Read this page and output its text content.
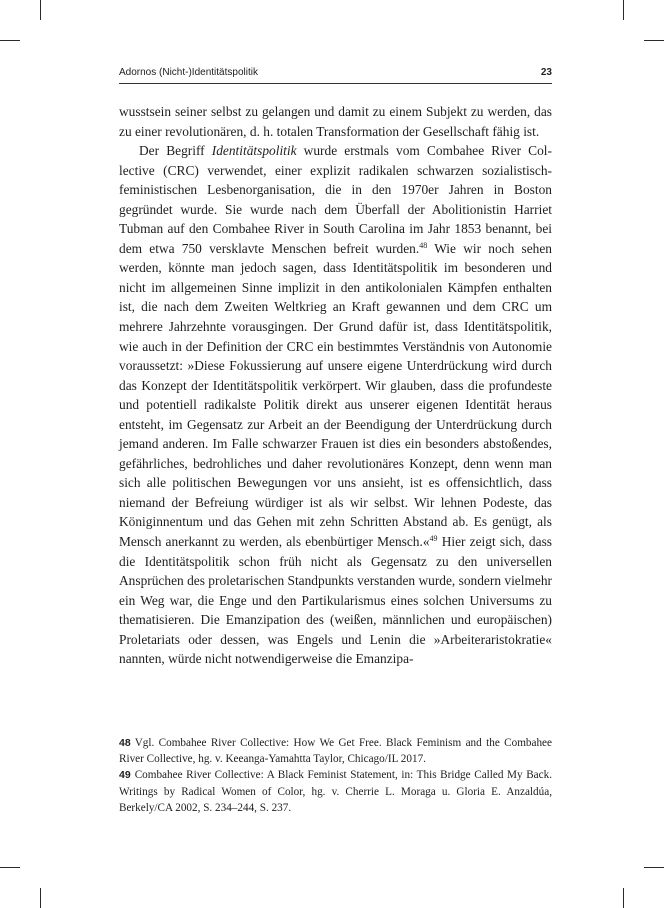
Adornos (Nicht-)Identitätspolitik	23

wusstsein seiner selbst zu gelangen und damit zu einem Subjekt zu werden, das zu einer revolutionären, d. h. totalen Transformation der Gesellschaft fähig ist.

Der Begriff Identitätspolitik wurde erstmals vom Combahee River Collective (CRC) verwendet, einer explizit radikalen schwarzen sozialistisch-feministischen Lesbenorganisation, die in den 1970er Jahren in Boston gegründet wurde. Sie wurde nach dem Überfall der Abolitionistin Harriet Tubman auf den Combahee River in South Carolina im Jahr 1853 benannt, bei dem etwa 750 versklavte Menschen befreit wurden.$^{48}$ Wie wir noch sehen werden, könnte man jedoch sagen, dass Identitätspolitik im besonderen und nicht im allgemeinen Sinne implizit in den antikolonialen Kämpfen enthalten ist, die nach dem Zweiten Weltkrieg an Kraft gewannen und dem CRC um mehrere Jahrzehnte vorausgingen. Der Grund dafür ist, dass Identitätspolitik, wie auch in der Definition der CRC ein bestimmtes Verständnis von Autonomie voraussetzt: »Diese Fokussierung auf unsere eigene Unterdrückung wird durch das Konzept der Identitätspolitik verkörpert. Wir glauben, dass die profundeste und potentiell radikalste Politik direkt aus unserer eigenen Identität heraus entsteht, im Gegensatz zur Arbeit an der Beendigung der Unterdrückung durch jemand anderen. Im Falle schwarzer Frauen ist dies ein besonders abstoßendes, gefährliches, bedrohliches und daher revolutionäres Konzept, denn wenn man sich alle politischen Bewegungen vor uns ansieht, ist es offensichtlich, dass niemand der Befreiung würdiger ist als wir selbst. Wir lehnen Podeste, das Königinnentum und das Gehen mit zehn Schritten Abstand ab. Es genügt, als Mensch anerkannt zu werden, als ebenbürtiger Mensch.«$^{49}$ Hier zeigt sich, dass die Identitätspolitik schon früh nicht als Gegensatz zu den universellen Ansprüchen des proletarischen Standpunkts verstanden wurde, sondern vielmehr ein Weg war, die Enge und den Partikularismus eines solchen Universums zu thematisieren. Die Emanzipation des (weißen, männlichen und europäischen) Proletariats oder dessen, was Engels und Lenin die »Arbeiteraristokratie« nannten, würde nicht notwendigerweise die Emanzipa-

48 Vgl. Combahee River Collective: How We Get Free. Black Feminism and the Combahee River Collective, hg. v. Keeanga-Yamahtta Taylor, Chicago/IL 2017.

49 Combahee River Collective: A Black Feminist Statement, in: This Bridge Called My Back. Writings by Radical Women of Color, hg. v. Cherrie L. Moraga u. Gloria E. Anzaldúa, Berkely/CA 2002, S. 234–244, S. 237.
